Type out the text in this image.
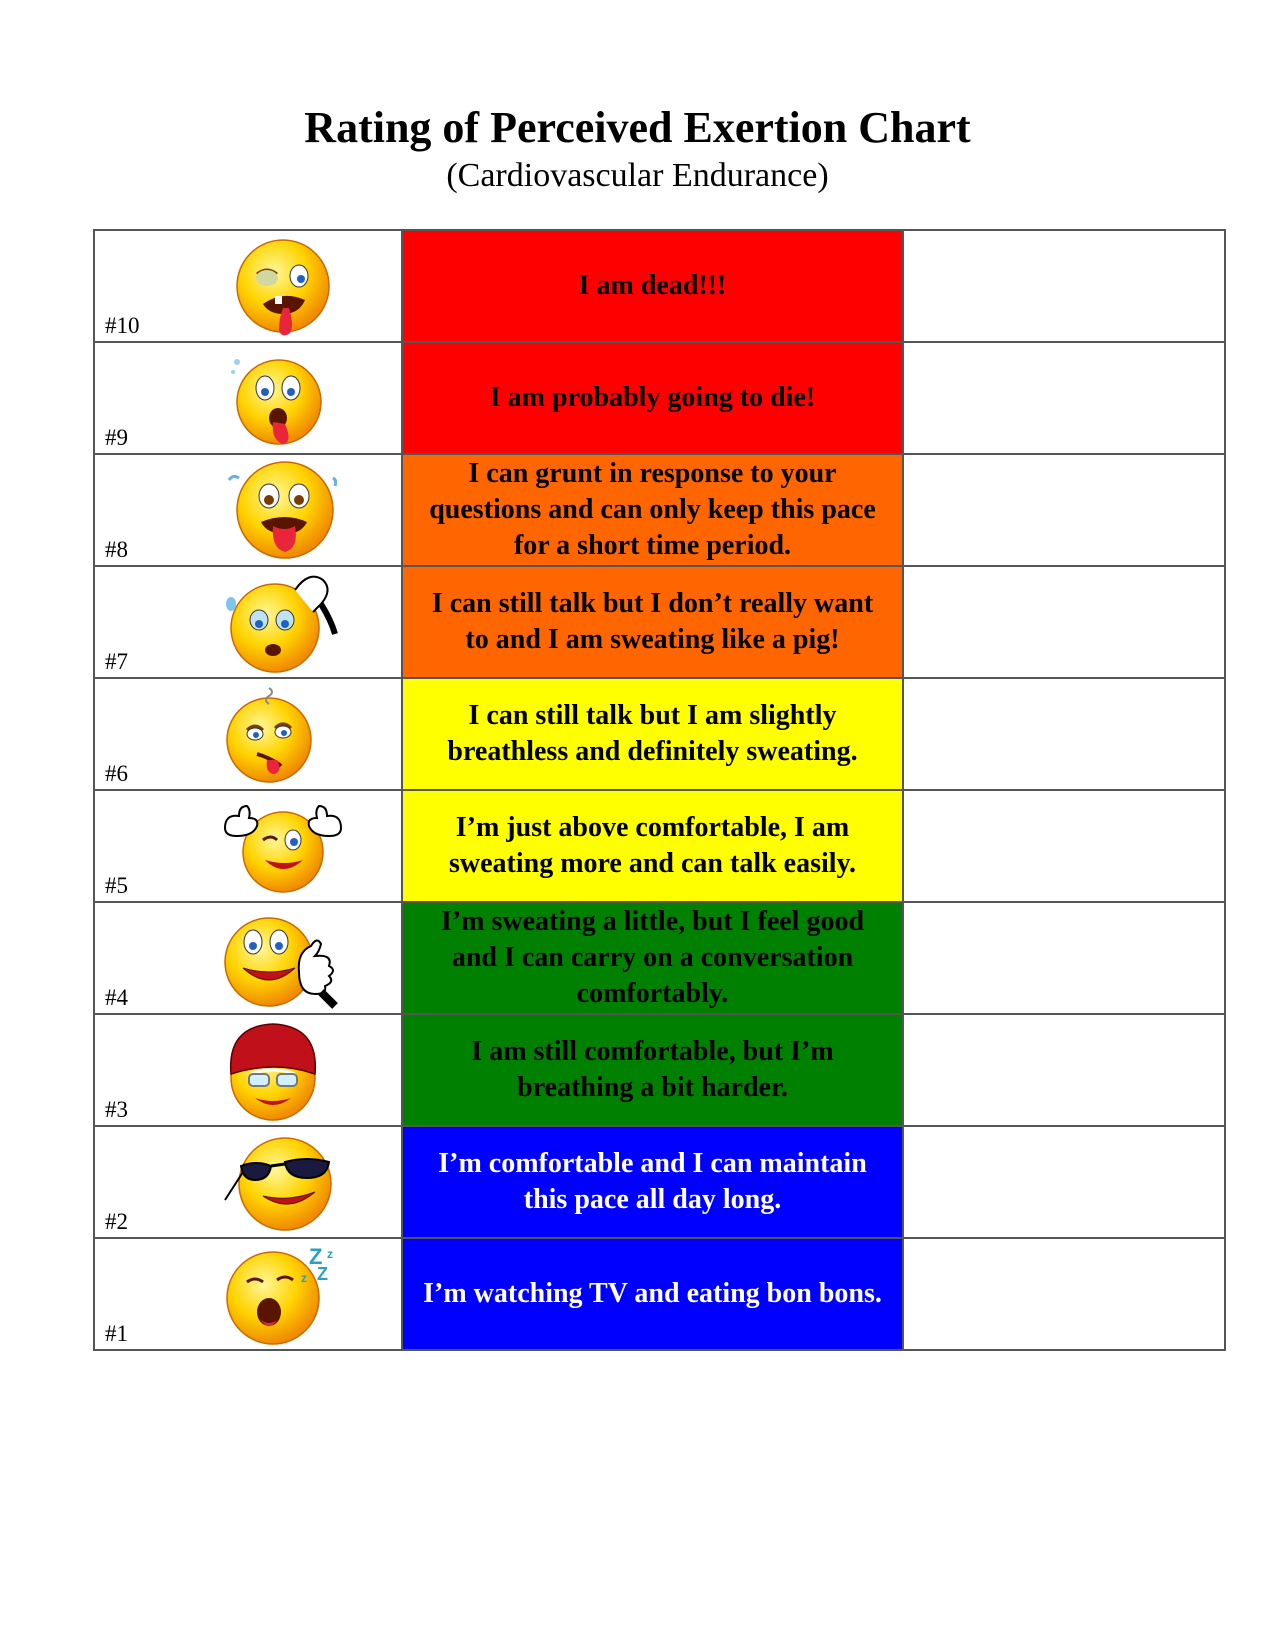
Rating of Perceived Exertion Chart
(Cardiovascular Endurance)
#10	I am dead!!!	

#9	I am probably going to die!	

#8	I can grunt in response to your questions and can only keep this pace for a short time period.	

#7	I can still talk but I don’t really want to and I am sweating like a pig!	

#6	I can still talk but I am slightly breathless and definitely sweating.	

#5	I’m just above comfortable, I am sweating more and can talk easily.	

#4	I’m sweating a little, but I feel good and I can carry on a conversation comfortably.	

#3	I am still comfortable, but I’m breathing a bit harder.	

#2	I’m comfortable and I can maintain this pace all day long.	

Z z
z Z
#1	I’m watching TV and eating bon bons.	
